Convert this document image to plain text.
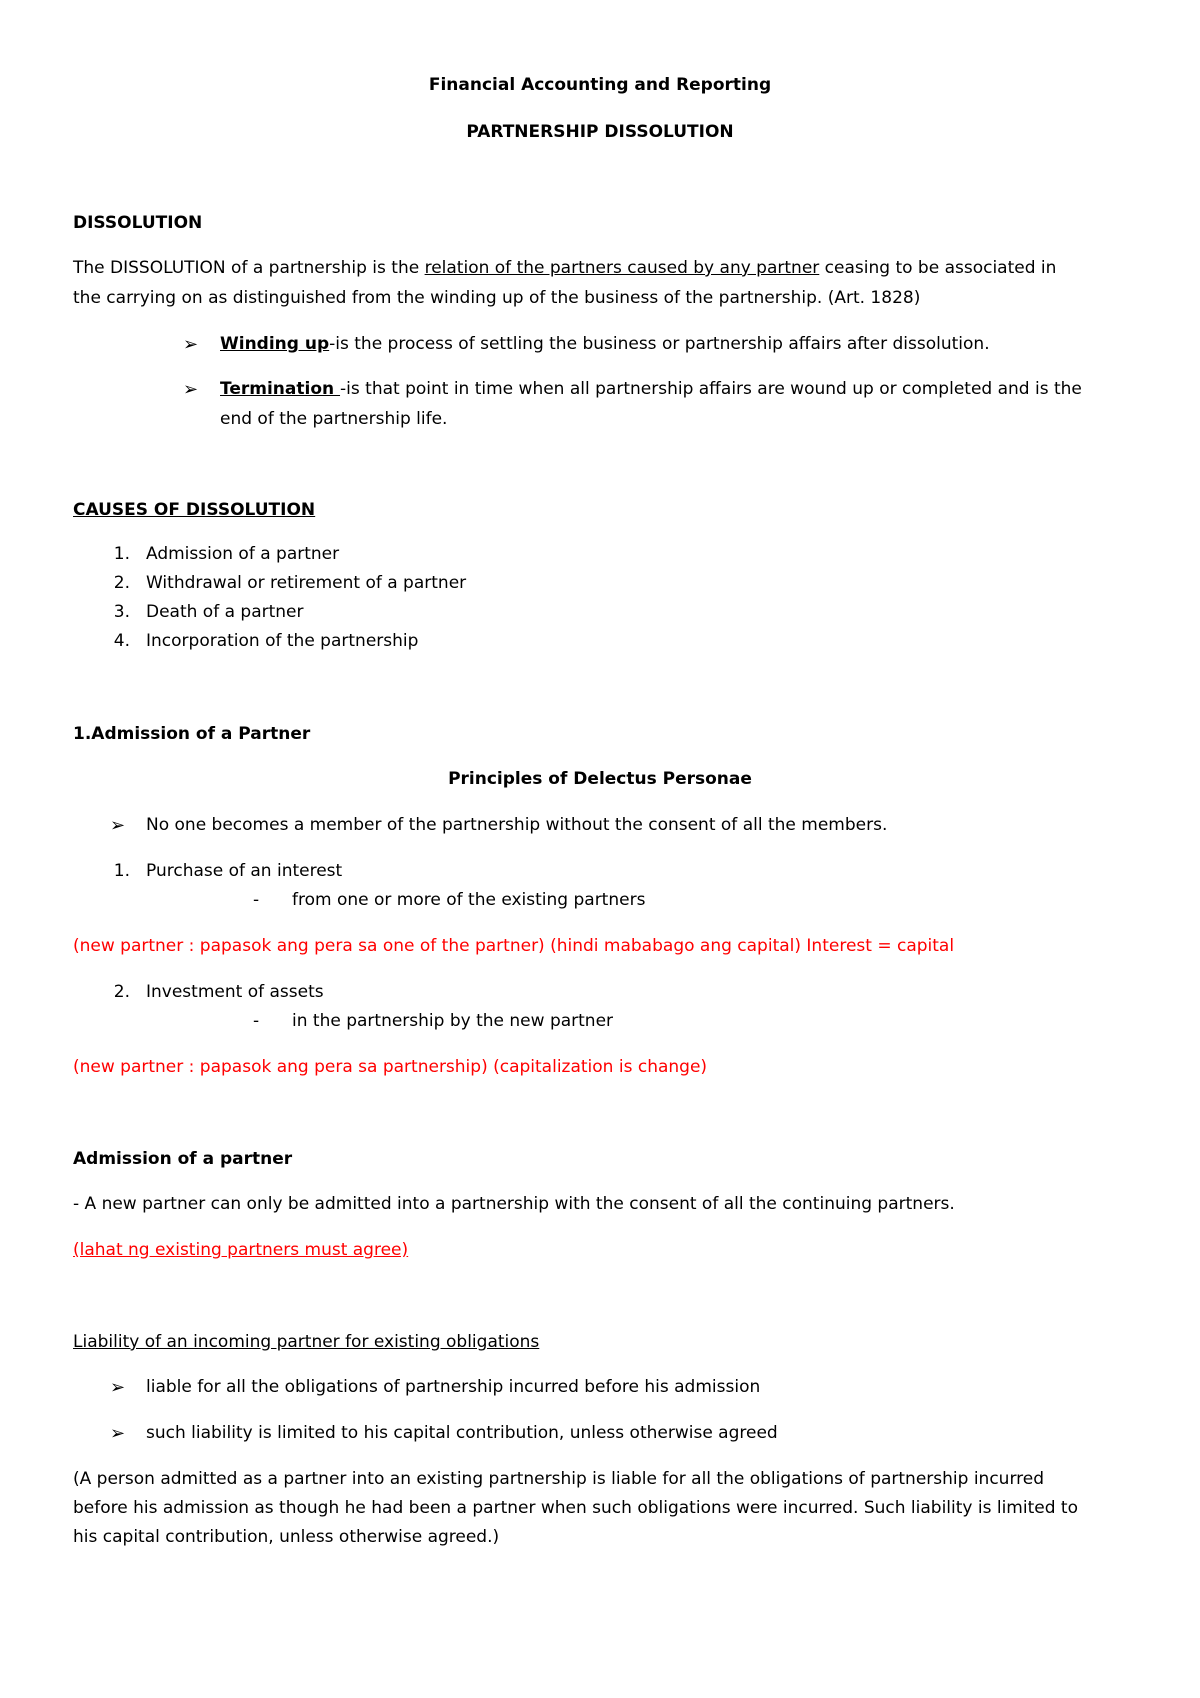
Financial Accounting and Reporting
PARTNERSHIP DISSOLUTION
DISSOLUTION
The DISSOLUTION of a partnership is the relation of the partners caused by any partner ceasing to be associated in
the carrying on as distinguished from the winding up of the business of the partnership. (Art. 1828)
➢ Winding up-is the process of settling the business or partnership affairs after dissolution.
➢ Termination -is that point in time when all partnership affairs are wound up or completed and is the
end of the partnership life.
CAUSES OF DISSOLUTION
1. Admission of a partner
2. Withdrawal or retirement of a partner
3. Death of a partner
4. Incorporation of the partnership
1.Admission of a Partner
Principles of Delectus Personae
➢ No one becomes a member of the partnership without the consent of all the members.
1. Purchase of an interest
- from one or more of the existing partners
(new partner : papasok ang pera sa one of the partner) (hindi mababago ang capital) Interest = capital
2. Investment of assets
- in the partnership by the new partner
(new partner : papasok ang pera sa partnership) (capitalization is change)
Admission of a partner
- A new partner can only be admitted into a partnership with the consent of all the continuing partners.
(lahat ng existing partners must agree)
Liability of an incoming partner for existing obligations
➢ liable for all the obligations of partnership incurred before his admission
➢ such liability is limited to his capital contribution, unless otherwise agreed
(A person admitted as a partner into an existing partnership is liable for all the obligations of partnership incurred
before his admission as though he had been a partner when such obligations were incurred. Such liability is limited to
his capital contribution, unless otherwise agreed.)
